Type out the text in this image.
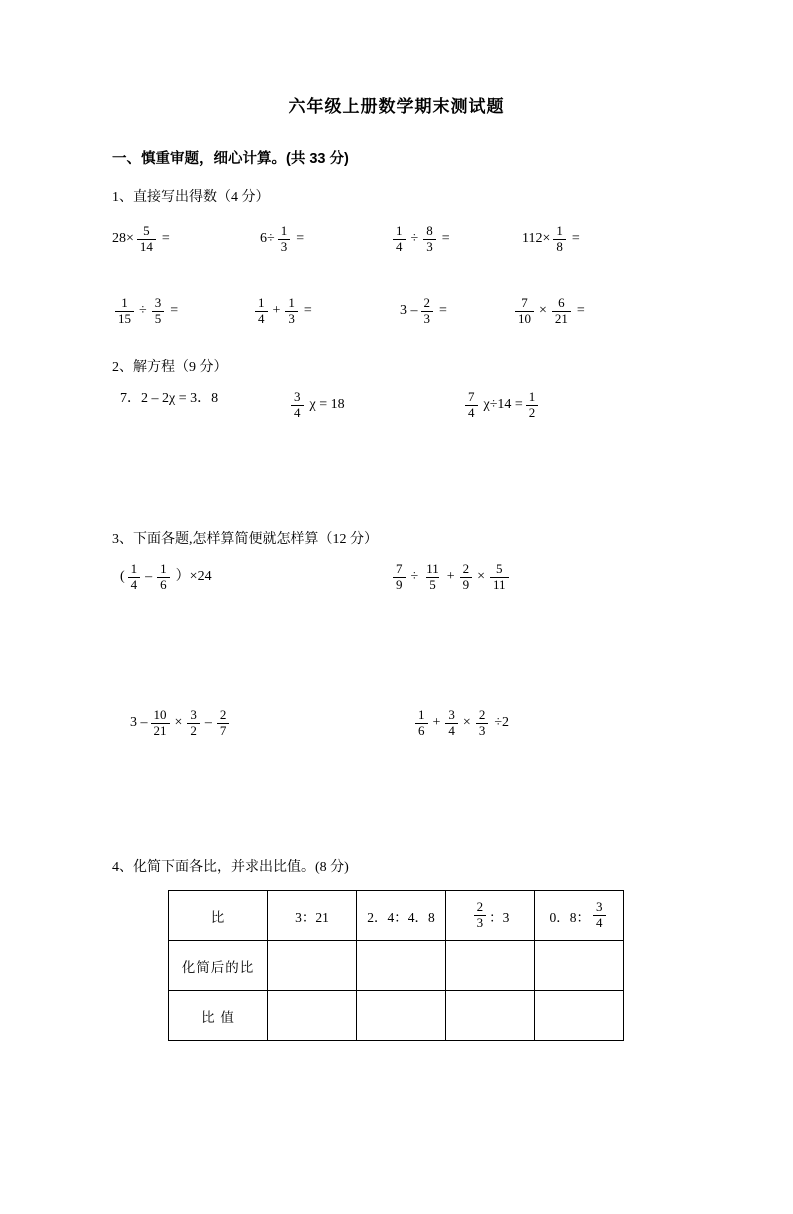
六年级上册数学期末测试题
一、慎重审题，细心计算。(共 33 分)
1、直接写出得数（4 分）
$28\times \frac{5}{14}$ =	$6\div \frac{1}{3}$ =	$\frac{1}{4} \div \frac{8}{3}$ =	$112\times \frac{1}{8}$ =
$\frac{1}{15} \div \frac{3}{5}$ =	$\frac{1}{4} + \frac{1}{3}$ =	$3 - \frac{2}{3}$ =	$\frac{7}{10} \times \frac{6}{21}$ =
2、解方程（9 分）
7．2 – 2χ = 3．8	$\frac{3}{4}$ χ = 18	$\frac{7}{4} \chi\div 14 = \frac{1}{2}$
3、下面各题,怎样算简便就怎样算（12 分）
( $\frac{1}{4} - \frac{1}{6} )\times 24$	$\frac{7}{9} \div \frac{11}{5} + \frac{2}{9} \times \frac{5}{11}$
$3 - \frac{10}{21} \times \frac{3}{2} - \frac{2}{7}$	$\frac{1}{6} + \frac{3}{4} \times \frac{2}{3} \div 2$
4、化简下面各比，并求出比值。(8 分)
比	3：21	2．4：4．8	$\frac{2}{3}$ ：3	0．8： $\frac{3}{4}$

化简后的比				
比 值				
